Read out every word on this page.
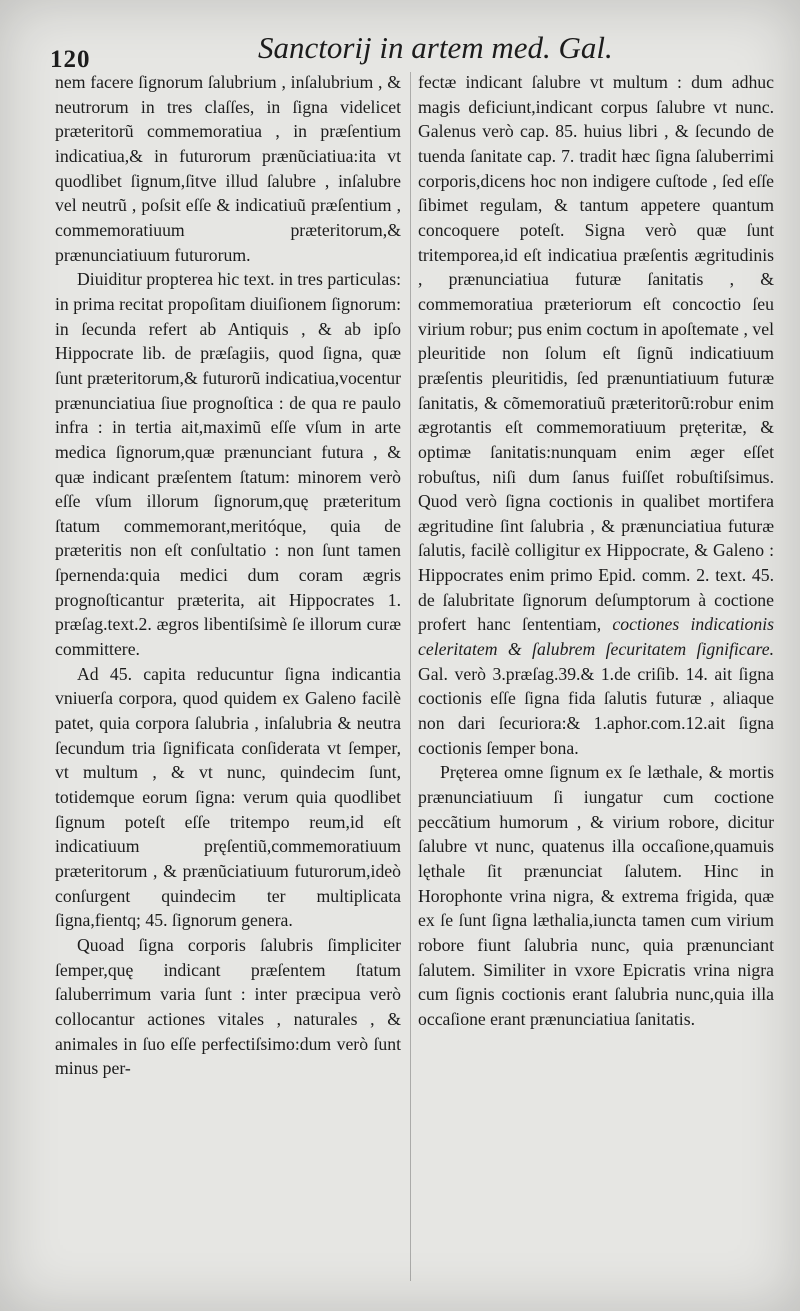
120	Sanctorij in artem med. Gal.

nem facere ſignorum ſalubrium , inſalubrium , & neutrorum in tres claſſes, in ſigna videlicet præteritorũ commemoratiua , in præſentium indicatiua,& in futurorum prænũciatiua:ita vt quodlibet ſignum,ſitve illud ſalubre , inſalubre vel neutrũ , poſsit eſſe & indicatiuũ præſentium , commemoratiuum præteritorum,& prænunciatiuum futurorum.

Diuiditur propterea hic text. in tres particulas: in prima recitat propoſitam diuiſionem ſignorum: in ſecunda refert ab Antiquis , & ab ipſo Hippocrate lib. de præſagiis, quod ſigna, quæ ſunt præteritorum,& futurorũ indicatiua,vocentur prænunciatiua ſiue prognoſtica : de qua re paulo infra : in tertia ait,maximũ eſſe vſum in arte medica ſignorum,quæ prænunciant futura , & quæ indicant præſentem ſtatum: minorem verò eſſe vſum illorum ſignorum,quę præteritum ſtatum commemorant,meritóque, quia de præteritis non eſt conſultatio : non ſunt tamen ſpernenda:quia medici dum coram ægris prognoſticantur præterita, ait Hippocrates 1. præſag.text.2. ægros libentiſsimè ſe illorum curæ committere.

Ad 45. capita reducuntur ſigna indicantia vniuerſa corpora, quod quidem ex Galeno facilè patet, quia corpora ſalubria , inſalubria & neutra ſecundum tria ſignificata conſiderata vt ſemper, vt multum , & vt nunc, quindecim ſunt, totidemque eorum ſigna: verum quia quodlibet ſignum poteſt eſſe tritempo reum,id eſt indicatiuum pręſentiũ,commemoratiuum præteritorum , & prænũciatiuum futurorum,ideò conſurgent quindecim ter multiplicata ſigna,fientq; 45. ſignorum genera.

Quoad ſigna corporis ſalubris ſimpliciter ſemper,quę indicant præſentem ſtatum ſaluberrimum varia ſunt : inter præcipua verò collocantur actiones vitales , naturales , & animales in ſuo eſſe perfectiſsimo:dum verò ſunt minus per-

fectæ indicant ſalubre vt multum : dum adhuc magis deficiunt,indicant corpus ſalubre vt nunc. Galenus verò cap. 85. huius libri , & ſecundo de tuenda ſanitate cap. 7. tradit hæc ſigna ſaluberrimi corporis,dicens hoc non indigere cuſtode , ſed eſſe ſibimet regulam, & tantum appetere quantum concoquere poteſt. Signa verò quæ ſunt tritemporea,id eſt indicatiua præſentis ægritudinis , prænunciatiua futuræ ſanitatis , & commemoratiua præteriorum eſt concoctio ſeu virium robur; pus enim coctum in apoſtemate , vel pleuritide non ſolum eſt ſignũ indicatiuum præſentis pleuritidis, ſed prænuntiatiuum futuræ ſanitatis, & cõmemoratiuũ præteritorũ:robur enim ægrotantis eſt commemoratiuum pręteritæ, & optimæ ſanitatis:nunquam enim æger eſſet robuſtus, niſi dum ſanus fuiſſet robuſtiſsimus. Quod verò ſigna coctionis in qualibet mortifera ægritudine ſint ſalubria , & prænunciatiua futuræ ſalutis, facilè colligitur ex Hippocrate, & Galeno : Hippocrates enim primo Epid. comm. 2. text. 45. de ſalubritate ſignorum deſumptorum à coctione profert hanc ſententiam, coctiones indicationis celeritatem & ſalubrem ſecuritatem ſignificare. Gal. verò 3.præſag.39.& 1.de criſib. 14. ait ſigna coctionis eſſe ſigna fida ſalutis futuræ , aliaque non dari ſecuriora:& 1.aphor.com.12.ait ſigna coctionis ſemper bona.

Pręterea omne ſignum ex ſe læthale, & mortis prænunciatiuum ſi iungatur cum coctione peccãtium humorum , & virium robore, dicitur ſalubre vt nunc, quatenus illa occaſione,quamuis lęthale ſit prænunciat ſalutem. Hinc in Horophonte vrina nigra, & extrema frigida, quæ ex ſe ſunt ſigna læthalia,iuncta tamen cum virium robore fiunt ſalubria nunc, quia prænunciant ſalutem. Similiter in vxore Epicratis vrina nigra cum ſignis coctionis erant ſalubria nunc,quia illa occaſione erant prænunciatiua ſanitatis.
